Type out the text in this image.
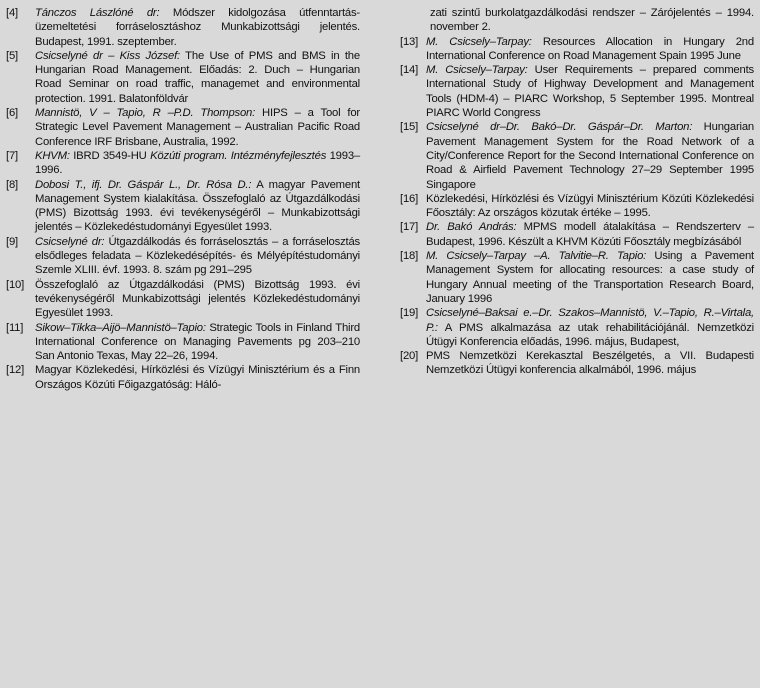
[4]	Tánczos Lászlóné dr: Módszer kidolgozása útfenntartás-üzemeltetési forráselosztáshoz Munkabizottsági jelentés. Budapest, 1991. szeptember.
[5]	Csicselyné dr – Kiss József: The Use of PMS and BMS in the Hungarian Road Management. Előadás: 2. Duch – Hungarian Road Seminar on road traffic, managemet and environmental protection. 1991. Balatonföldvár
[6]	Mannistö, V – Tapio, R –P.D. Thompson: HIPS – a Tool for Strategic Level Pavement Management – Australian Pacific Road Conference IRF Brisbane, Australia, 1992.
[7]	KHVM: IBRD 3549-HU Közúti program. Intézményfejlesztés 1993–1996.
[8]	Dobosi T., ifj. Dr. Gáspár L., Dr. Rósa D.: A magyar Pavement Management System kialakítása. Összefoglaló az Útgazdálkodási (PMS) Bizottság 1993. évi tevékenységéről – Munkabizottsági jelentés – Közlekedéstudományi Egyesület 1993.
[9]	Csicselyné dr: Útgazdálkodás és forráselosztás – a forráselosztás elsődleges feladata – Közlekedésépítés- és Mélyépítéstudományi Szemle XLIII. évf. 1993. 8. szám pg 291–295
[10] Összefoglaló az Útgazdálkodási (PMS) Bizottság 1993. évi tevékenységéről Munkabizottsági jelentés Közlekedéstudományi Egyesület 1993.
[11]	Sikow–Tikka–Aijö–Mannistö–Tapio: Strategic Tools in Finland Third International Conference on Managing Pavements pg 203–210 San Antonio Texas, May 22–26, 1994.
[12] Magyar Közlekedési, Hírközlési és Vízügyi Minisztérium és a Finn Országos Közúti Főigazgatóság: Háló-
zati szintű burkolatgazdálkodási rendszer – Zárójelentés – 1994. november 2.
[13] M. Csicsely–Tarpay: Resources Allocation in Hungary 2nd International Conference on Road Management Spain 1995 June
[14] M. Csicsely–Tarpay: User Requirements – prepared comments International Study of Highway Development and Management Tools (HDM-4) – PIARC Workshop, 5 September 1995. Montreal PIARC World Congress
[15] Csicselyné dr–Dr. Bakó–Dr. Gáspár–Dr. Marton: Hungarian Pavement Management System for the Road Network of a City/Conference Report for the Second International Conference on Road & Airfield Pavement Technology 27–29 September 1995 Singapore
[16] Közlekedési, Hírközlési és Vízügyi Minisztérium Közúti Közlekedési Főosztály: Az országos közutak értéke – 1995.
[17] Dr. Bakó András: MPMS modell átalakítása – Rendszerterv – Budapest, 1996. Készült a KHVM Közúti Főosztály megbízásából
[18] M. Csicsely–Tarpay –A. Talvitie–R. Tapio: Using a Pavement Management System for allocating resources: a case study of Hungary Annual meeting of the Transportation Research Board, January 1996
[19] Csicselyné–Baksai e.–Dr. Szakos–Mannistö, V.–Tapio, R.–Virtala, P.: A PMS alkalmazása az utak rehabilitációjánál. Nemzetközi Útügyi Konferencia előadás, 1996. május, Budapest,
[20] PMS Nemzetközi Kerekasztal Beszélgetés, a VII. Budapesti Nemzetközi Útügyi konferencia alkalmából, 1996. május
